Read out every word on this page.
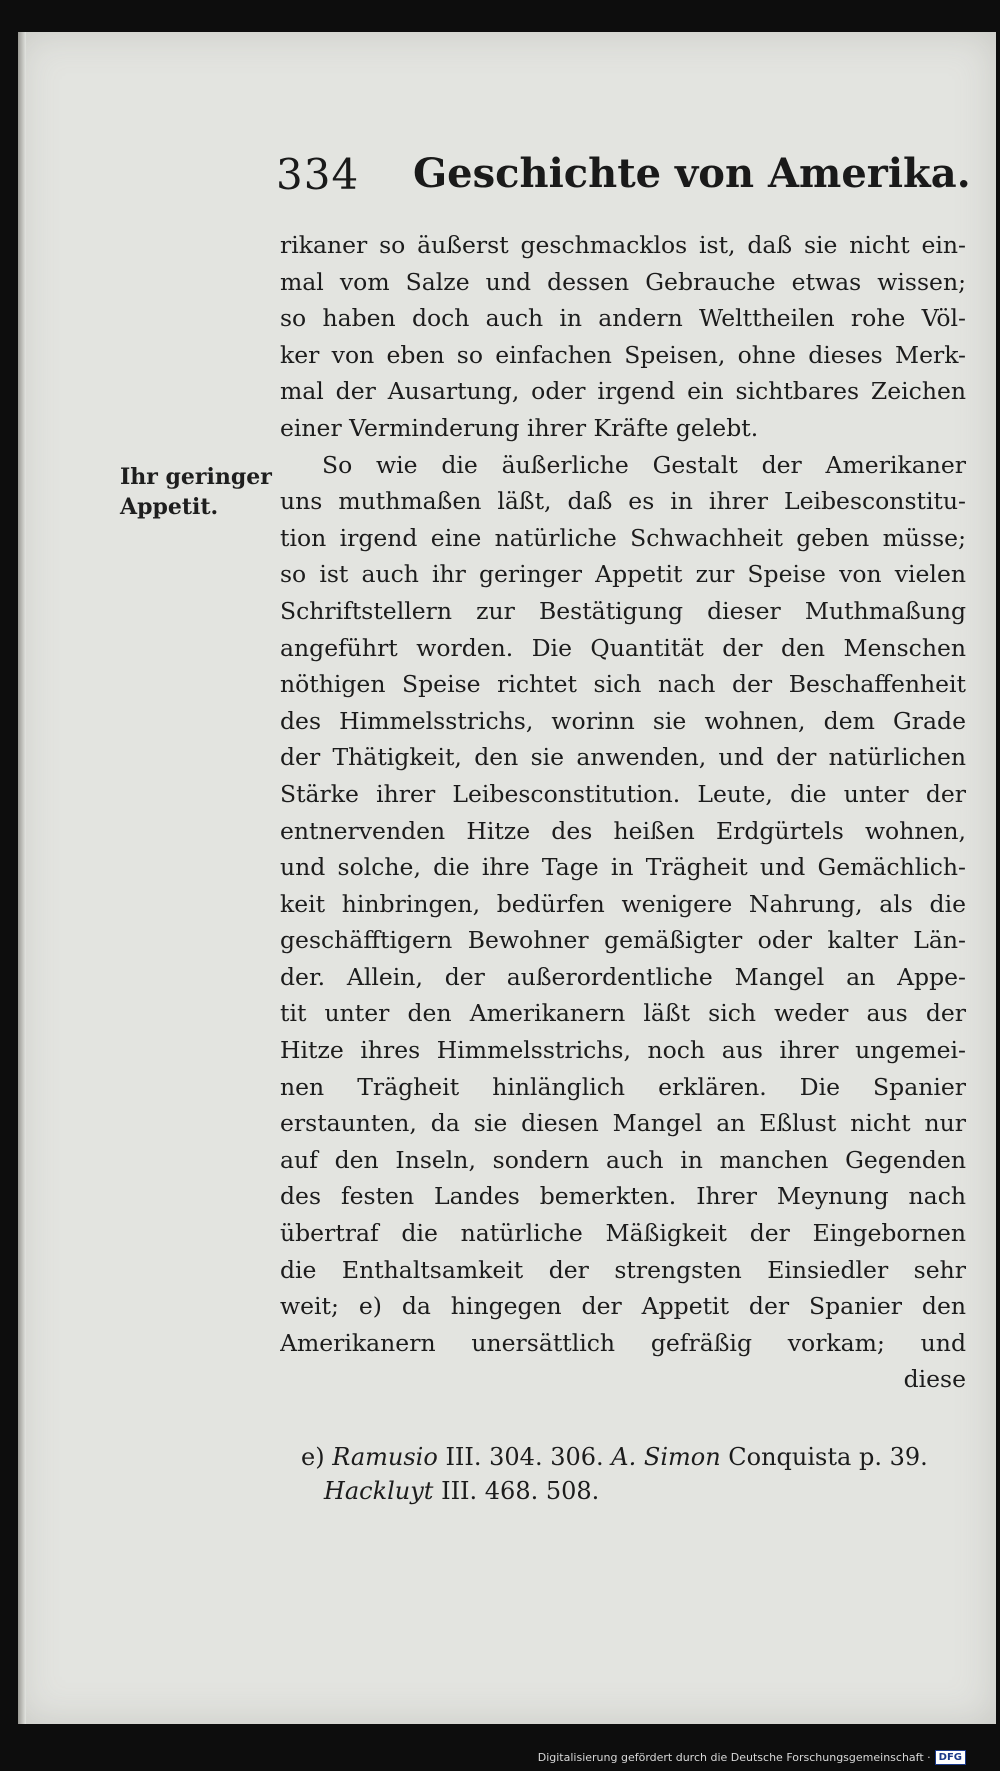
334 Geschichte von Amerika.
Ihr geringer
Appetit.
rikaner so äußerst geschmacklos ist, daß sie nicht ein-
mal vom Salze und dessen Gebrauche etwas wissen;
so haben doch auch in andern Welttheilen rohe Völ-
ker von eben so einfachen Speisen, ohne dieses Merk-
mal der Ausartung, oder irgend ein sichtbares Zeichen
einer Verminderung ihrer Kräfte gelebt.
So wie die äußerliche Gestalt der Amerikaner
uns muthmaßen läßt, daß es in ihrer Leibesconstitu-
tion irgend eine natürliche Schwachheit geben müsse;
so ist auch ihr geringer Appetit zur Speise von vielen
Schriftstellern zur Bestätigung dieser Muthmaßung
angeführt worden. Die Quantität der den Menschen
nöthigen Speise richtet sich nach der Beschaffenheit
des Himmelsstrichs, worinn sie wohnen, dem Grade
der Thätigkeit, den sie anwenden, und der natürlichen
Stärke ihrer Leibesconstitution. Leute, die unter der
entnervenden Hitze des heißen Erdgürtels wohnen,
und solche, die ihre Tage in Trägheit und Gemächlich-
keit hinbringen, bedürfen wenigere Nahrung, als die
geschäfftigern Bewohner gemäßigter oder kalter Län-
der. Allein, der außerordentliche Mangel an Appe-
tit unter den Amerikanern läßt sich weder aus der
Hitze ihres Himmelsstrichs, noch aus ihrer ungemei-
nen Trägheit hinlänglich erklären. Die Spanier
erstaunten, da sie diesen Mangel an Eßlust nicht nur
auf den Inseln, sondern auch in manchen Gegenden
des festen Landes bemerkten. Ihrer Meynung nach
übertraf die natürliche Mäßigkeit der Eingebornen
die Enthaltsamkeit der strengsten Einsiedler sehr
weit; e) da hingegen der Appetit der Spanier den
Amerikanern unersättlich gefräßig vorkam; und
diese
e) Ramusio III. 304. 306. A. Simon Conquista p. 39.
Hackluyt III. 468. 508.
Digitalisierung gefördert durch die Deutsche Forschungsgemeinschaft · DFG
